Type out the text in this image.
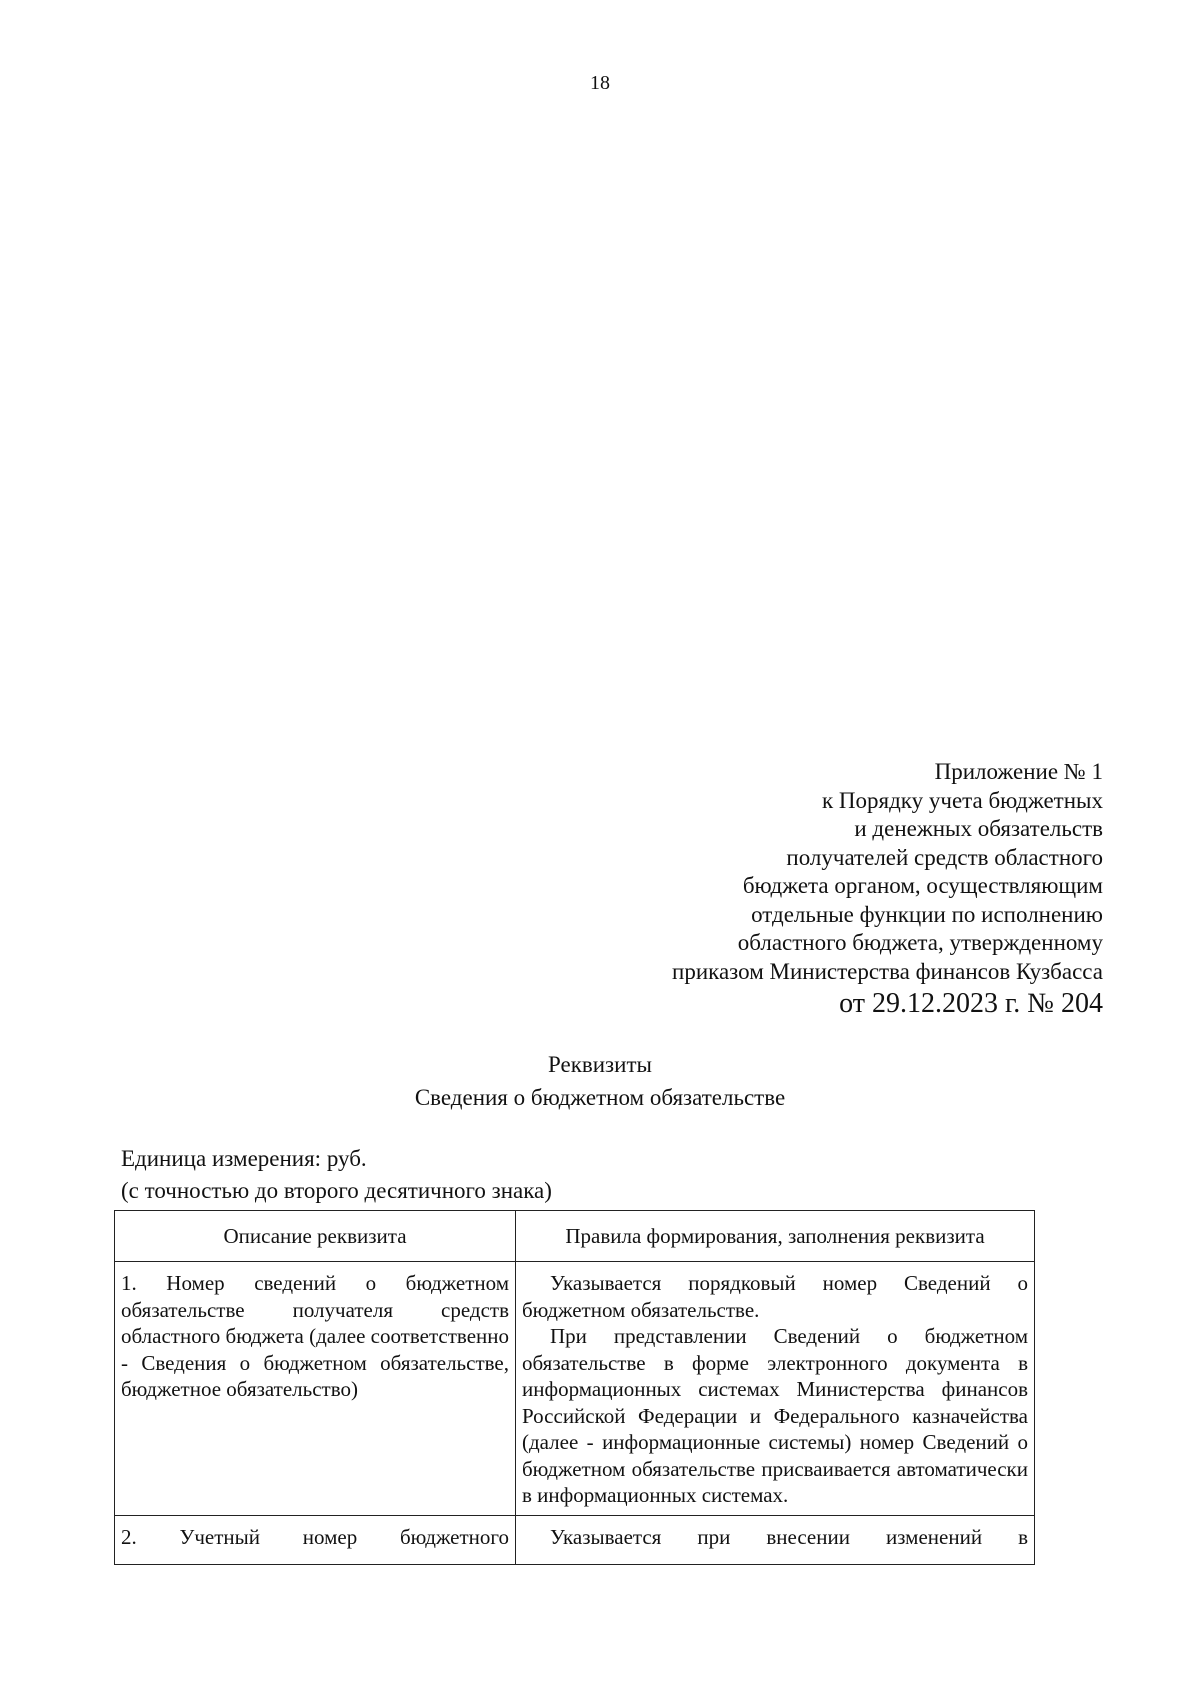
18
Приложение № 1
к Порядку учета бюджетных
и денежных обязательств
получателей средств областного
бюджета органом, осуществляющим
отдельные функции по исполнению
областного бюджета, утвержденному
приказом Министерства финансов Кузбасса
от 29.12.2023 г. № 204
Реквизиты
Сведения о бюджетном обязательстве
Единица измерения: руб.
(с точностью до второго десятичного знака)
Описание реквизита	Правила формирования, заполнения реквизита

1. Номер сведений о бюджетном обязательстве получателя средств областного бюджета (далее соответственно - Сведения о бюджетном обязательстве, бюджетное обязательство)	Указывается порядковый номер Сведений о бюджетном обязательстве.
При представлении Сведений о бюджетном обязательстве в форме электронного документа в информационных системах Министерства финансов Российской Федерации и Федерального казначейства (далее - информационные системы) номер Сведений о бюджетном обязательстве присваивается автоматически в информационных системах.

2. Учетный номер бюджетного	Указывается при внесении изменений в
